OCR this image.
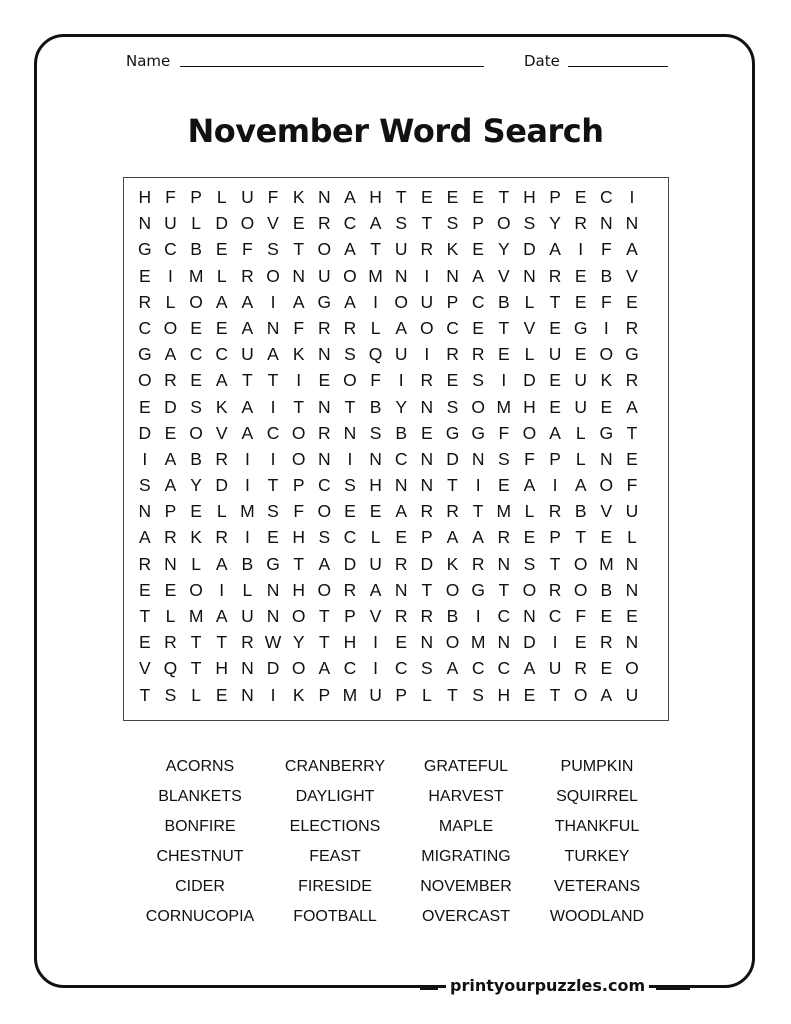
Name	Date
November Word Search
H F P L U F K N A H T E E E T H P E C I
N U L D O V E R C A S T S P O S Y R N N
G C B E F S T O A T U R K E Y D A I	F A
E I M L R O N U O M N I N A V N R E B V
R L O A A I A G A I O U P C B L T E F E
C O E E A N F R R L A O C E T V E G I R
G A C C U A K N S Q U I R R E L U E O G
O R E A T T	I E O F	I R E S I D E U K R
E D S K A I	T N T B Y N S O M H E U E A
D E O V A C O R N S B E G G F O A L G T
I A B R I	I O N I N C N D N S F P L N E
S A Y D I	T P C S H N N T	I E A I A O F
N P E L M S F O E E A R R T M L R B V U
A R K R I E H S C L E P A A R E P T E L
R N L A B G T A D U R D K R N S T O M N
E E O I	L N H O R A N T O G T O R O B N
T L M A U N O T P V R R B I C N C F E E
E R T T R W Y T H I E N O M N D I E R N
V Q T H N D O A C I C S A C C A U R E O
T S L E N I K P M U P L T S H E T O A U
ACORNS	CRANBERRY	GRATEFUL	PUMPKIN
BLANKETS	DAYLIGHT	HARVEST	SQUIRREL
BONFIRE	ELECTIONS	MAPLE	THANKFUL
CHESTNUT	FEAST	MIGRATING	TURKEY
CIDER	FIRESIDE	NOVEMBER	VETERANS
CORNUCOPIA	FOOTBALL	OVERCAST	WOODLAND
printyourpuzzles.com
